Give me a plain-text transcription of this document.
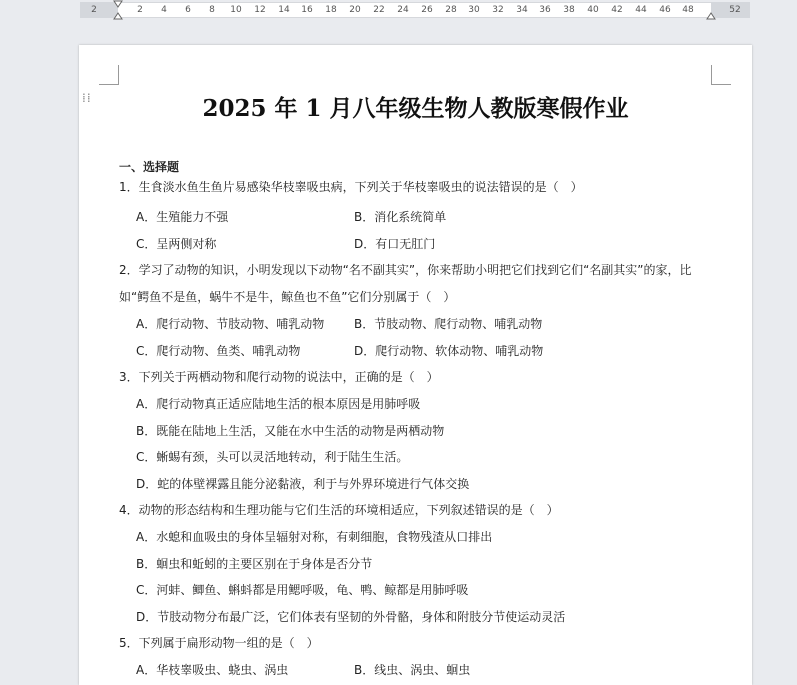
2	2 4 6 8 10 12 14 16 18 20 22 24 26 28 30 32 34 36 38 40 42 44 46 48	52
⁞⁞	2025 年 1 月八年级生物人教版寒假作业
一、选择题
1．生食淡水鱼生鱼片易感染华枝睾吸虫病，下列关于华枝睾吸虫的说法错误的是（　）
A．生殖能力不强	B．消化系统简单
C．呈两侧对称	D．有口无肛门
2．学习了动物的知识，小明发现以下动物“名不副其实”，你来帮助小明把它们找到它们“名副其实”的家，比如“鳄鱼不是鱼，蜗牛不是牛，鲸鱼也不鱼”它们分别属于（　）
A．爬行动物、节肢动物、哺乳动物	B．节肢动物、爬行动物、哺乳动物
C．爬行动物、鱼类、哺乳动物	D．爬行动物、软体动物、哺乳动物
3．下列关于两栖动物和爬行动物的说法中，正确的是（　）
A．爬行动物真正适应陆地生活的根本原因是用肺呼吸
B．既能在陆地上生活，又能在水中生活的动物是两栖动物
C．蜥蜴有颈，头可以灵活地转动，利于陆生生活。
D．蛇的体壁裸露且能分泌黏液，利于与外界环境进行气体交换
4．动物的形态结构和生理功能与它们生活的环境相适应，下列叙述错误的是（　）
A．水螅和血吸虫的身体呈辐射对称，有刺细胞，食物残渣从口排出
B．蛔虫和蚯蚓的主要区别在于身体是否分节
C．河蚌、鲫鱼、蝌蚪都是用鳃呼吸，龟、鸭、鲸都是用肺呼吸
D．节肢动物分布最广泛，它们体表有坚韧的外骨骼，身体和附肢分节使运动灵活
5．下列属于扁形动物一组的是（　）
A．华枝睾吸虫、蛲虫、涡虫	B．线虫、涡虫、蛔虫
